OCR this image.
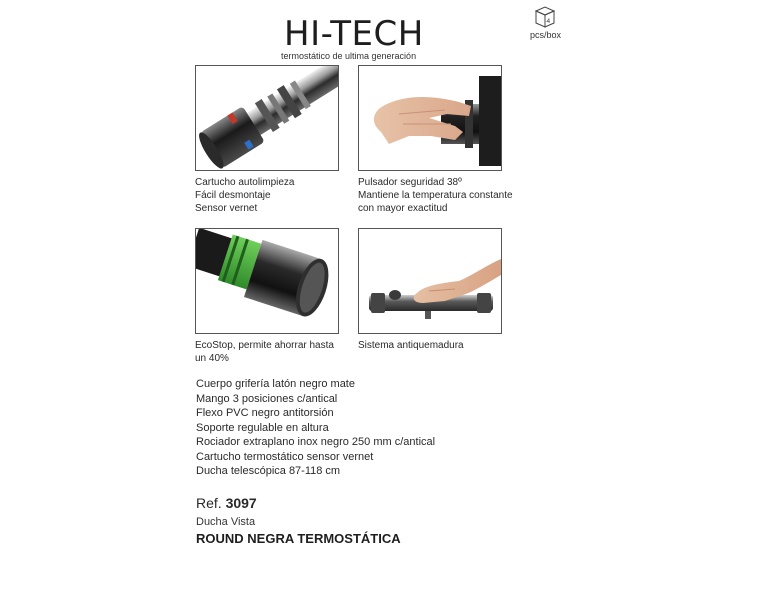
HI-TECH
termostático de ultima generación
4
pcs/box
Cartucho autolimpieza
Fácil desmontaje
Sensor vernet
Pulsador seguridad 38º
Mantiene la temperatura constante
con mayor exactitud
EcoStop, permite ahorrar hasta
un 40%
Sistema antiquemadura
Cuerpo grifería latón negro mate
Mango 3 posiciones c/antical
Flexo PVC negro antitorsión
Soporte regulable en altura
Rociador extraplano inox negro 250 mm c/antical
Cartucho termostático sensor vernet
Ducha telescópica 87-118 cm
Ref. 3097
Ducha Vista
ROUND NEGRA TERMOSTÁTICA
